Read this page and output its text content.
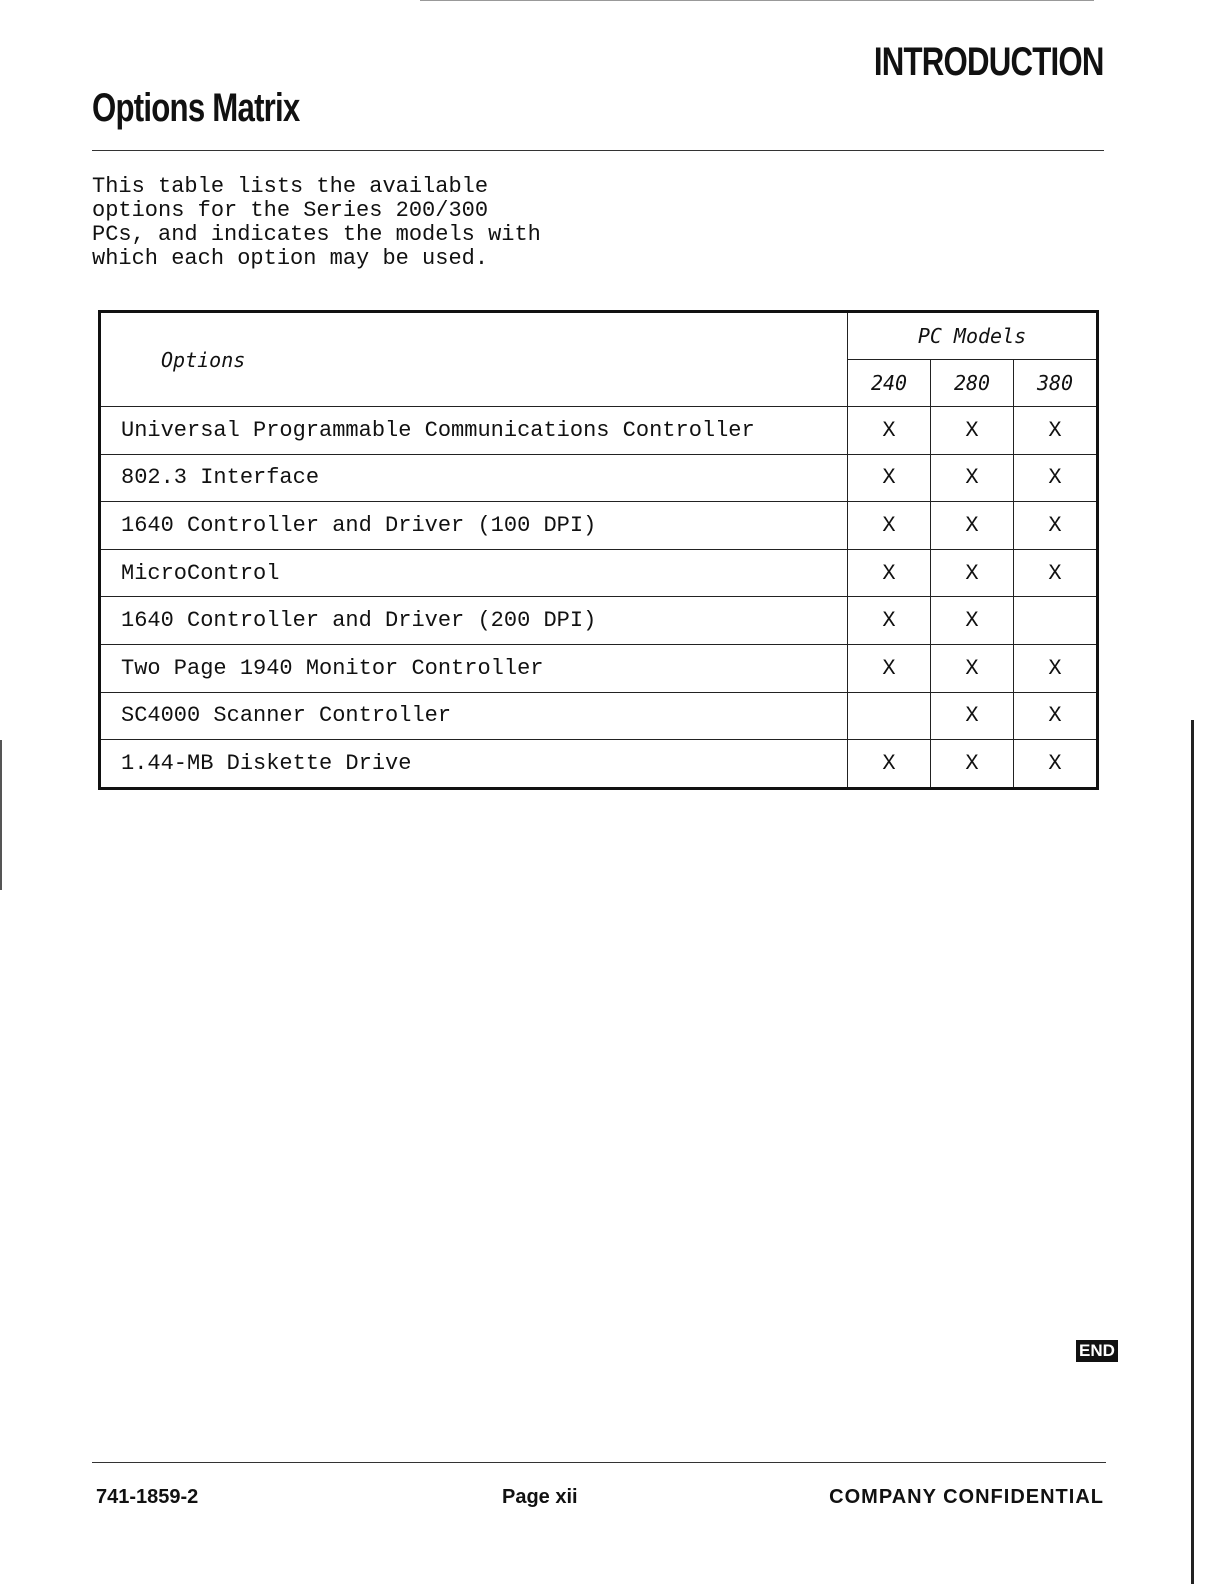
INTRODUCTION
Options Matrix

This table lists the available
options for the Series 200/300
PCs, and indicates the models with
which each option may be used.

Options	PC Models		
	240	280	380
Universal Programmable Communications Controller	X	X	X
802.3 Interface	X	X	X
1640 Controller and Driver (100 DPI)	X	X	X
MicroControl	X	X	X
1640 Controller and Driver (200 DPI)	X	X	
Two Page 1940 Monitor Controller	X	X	X
SC4000 Scanner Controller		X	X
1.44-MB Diskette Drive	X	X	X
END

741-1859-2	Page xii	COMPANY CONFIDENTIAL
